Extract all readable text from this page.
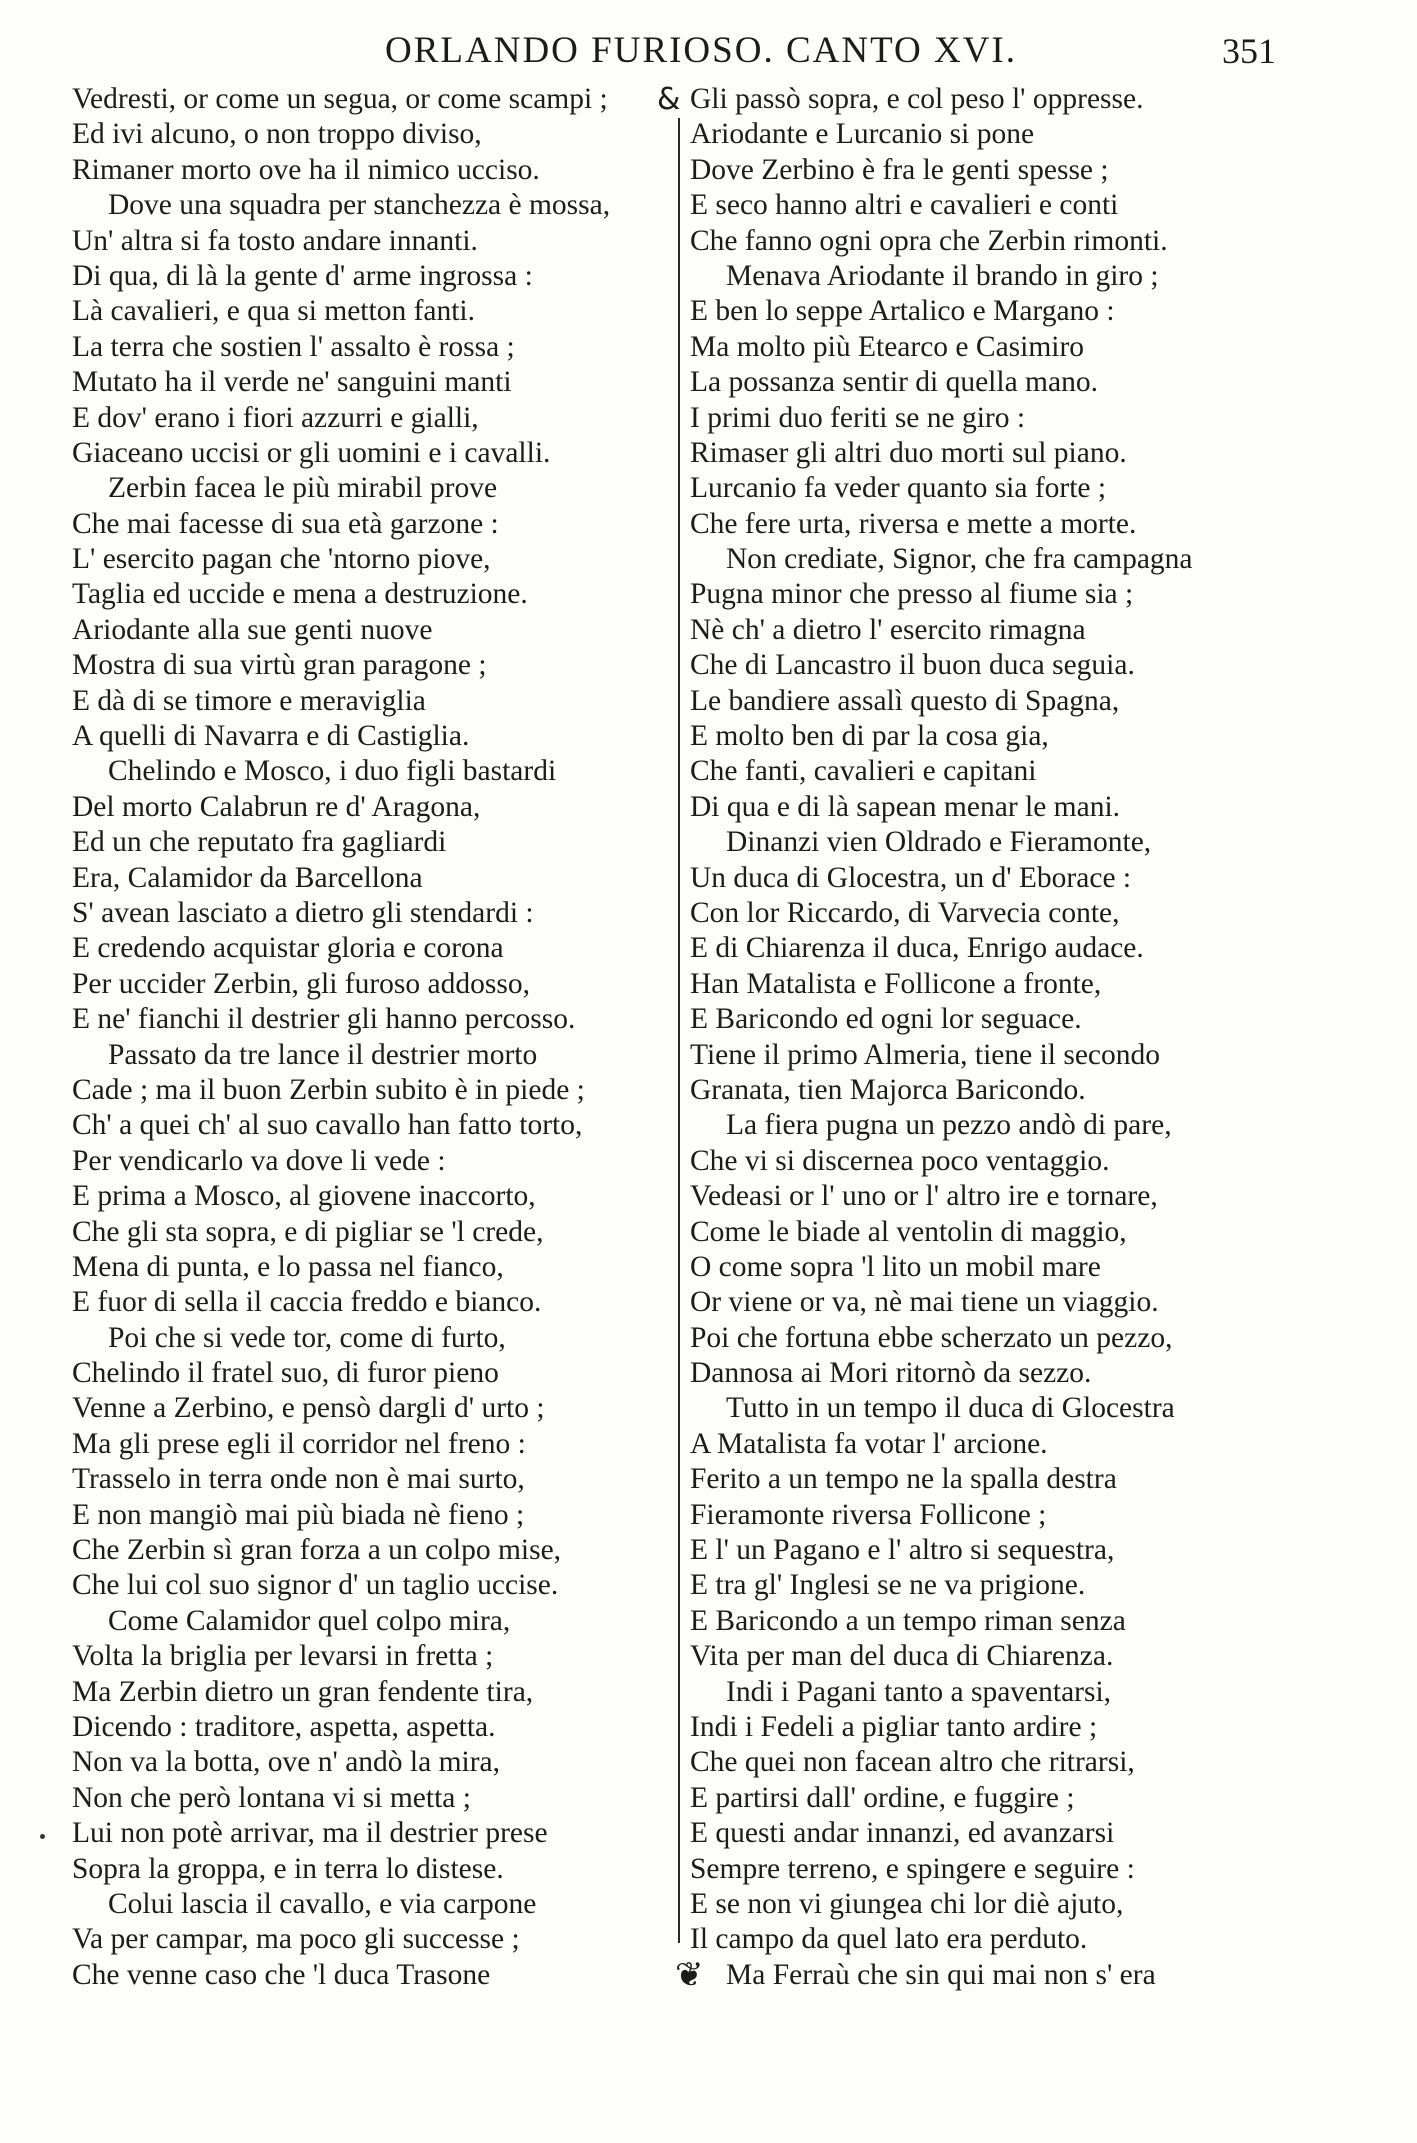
ORLANDO FURIOSO. CANTO XVI.	351
Vedresti, or come un segua, or come scampi ;
Ed ivi alcuno, o non troppo diviso,
Rimaner morto ove ha il nimico ucciso.
Dove una squadra per stanchezza è mossa,
Un' altra si fa tosto andare innanti.
Di qua, di là la gente d' arme ingrossa :
Là cavalieri, e qua si metton fanti.
La terra che sostien l' assalto è rossa ;
Mutato ha il verde ne' sanguini manti
E dov' erano i fiori azzurri e gialli,
Giaceano uccisi or gli uomini e i cavalli.
Zerbin facea le più mirabil prove
Che mai facesse di sua età garzone :
L' esercito pagan che 'ntorno piove,
Taglia ed uccide e mena a destruzione.
Ariodante alla sue genti nuove
Mostra di sua virtù gran paragone ;
E dà di se timore e meraviglia
A quelli di Navarra e di Castiglia.
Chelindo e Mosco, i duo figli bastardi
Del morto Calabrun re d' Aragona,
Ed un che reputato fra gagliardi
Era, Calamidor da Barcellona
S' avean lasciato a dietro gli stendardi :
E credendo acquistar gloria e corona
Per uccider Zerbin, gli furoso addosso,
E ne' fianchi il destrier gli hanno percosso.
Passato da tre lance il destrier morto
Cade ; ma il buon Zerbin subito è in piede ;
Ch' a quei ch' al suo cavallo han fatto torto,
Per vendicarlo va dove li vede :
E prima a Mosco, al giovene inaccorto,
Che gli sta sopra, e di pigliar se 'l crede,
Mena di punta, e lo passa nel fianco,
E fuor di sella il caccia freddo e bianco.
Poi che si vede tor, come di furto,
Chelindo il fratel suo, di furor pieno
Venne a Zerbino, e pensò dargli d' urto ;
Ma gli prese egli il corridor nel freno :
Trasselo in terra onde non è mai surto,
E non mangiò mai più biada nè fieno ;
Che Zerbin sì gran forza a un colpo mise,
Che lui col suo signor d' un taglio uccise.
Come Calamidor quel colpo mira,
Volta la briglia per levarsi in fretta ;
Ma Zerbin dietro un gran fendente tira,
Dicendo : traditore, aspetta, aspetta.
Non va la botta, ove n' andò la mira,
Non che però lontana vi si metta ;
Lui non potè arrivar, ma il destrier prese
Sopra la groppa, e in terra lo distese.
Colui lascia il cavallo, e via carpone
Va per campar, ma poco gli successe ;
Che venne caso che 'l duca Trasone
& Gli passò sopra, e col peso l' oppresse.
Ariodante e Lurcanio si pone
Dove Zerbino è fra le genti spesse ;
E seco hanno altri e cavalieri e conti
Che fanno ogni opra che Zerbin rimonti.
Menava Ariodante il brando in giro ;
E ben lo seppe Artalico e Margano :
Ma molto più Etearco e Casimiro
La possanza sentir di quella mano.
I primi duo feriti se ne giro :
Rimaser gli altri duo morti sul piano.
Lurcanio fa veder quanto sia forte ;
Che fere urta, riversa e mette a morte.
Non crediate, Signor, che fra campagna
Pugna minor che presso al fiume sia ;
Nè ch' a dietro l' esercito rimagna
Che di Lancastro il buon duca seguia.
Le bandiere assalì questo di Spagna,
E molto ben di par la cosa gia,
Che fanti, cavalieri e capitani
Di qua e di là sapean menar le mani.
Dinanzi vien Oldrado e Fieramonte,
Un duca di Glocestra, un d' Eborace :
Con lor Riccardo, di Varvecia conte,
E di Chiarenza il duca, Enrigo audace.
Han Matalista e Follicone a fronte,
E Baricondo ed ogni lor seguace.
Tiene il primo Almeria, tiene il secondo
Granata, tien Majorca Baricondo.
La fiera pugna un pezzo andò di pare,
Che vi si discernea poco ventaggio.
Vedeasi or l' uno or l' altro ire e tornare,
Come le biade al ventolin di maggio,
O come sopra 'l lito un mobil mare
Or viene or va, nè mai tiene un viaggio.
Poi che fortuna ebbe scherzato un pezzo,
Dannosa ai Mori ritornò da sezzo.
Tutto in un tempo il duca di Glocestra
A Matalista fa votar l' arcione.
Ferito a un tempo ne la spalla destra
Fieramonte riversa Follicone ;
E l' un Pagano e l' altro si sequestra,
E tra gl' Inglesi se ne va prigione.
E Baricondo a un tempo riman senza
Vita per man del duca di Chiarenza.
Indi i Pagani tanto a spaventarsi,
Indi i Fedeli a pigliar tanto ardire ;
Che quei non facean altro che ritrarsi,
E partirsi dall' ordine, e fuggire ;
E questi andar innanzi, ed avanzarsi
Sempre terreno, e spingere e seguire :
E se non vi giungea chi lor diè ajuto,
Il campo da quel lato era perduto.
Ma Ferraù che sin qui mai non s' era
❦
